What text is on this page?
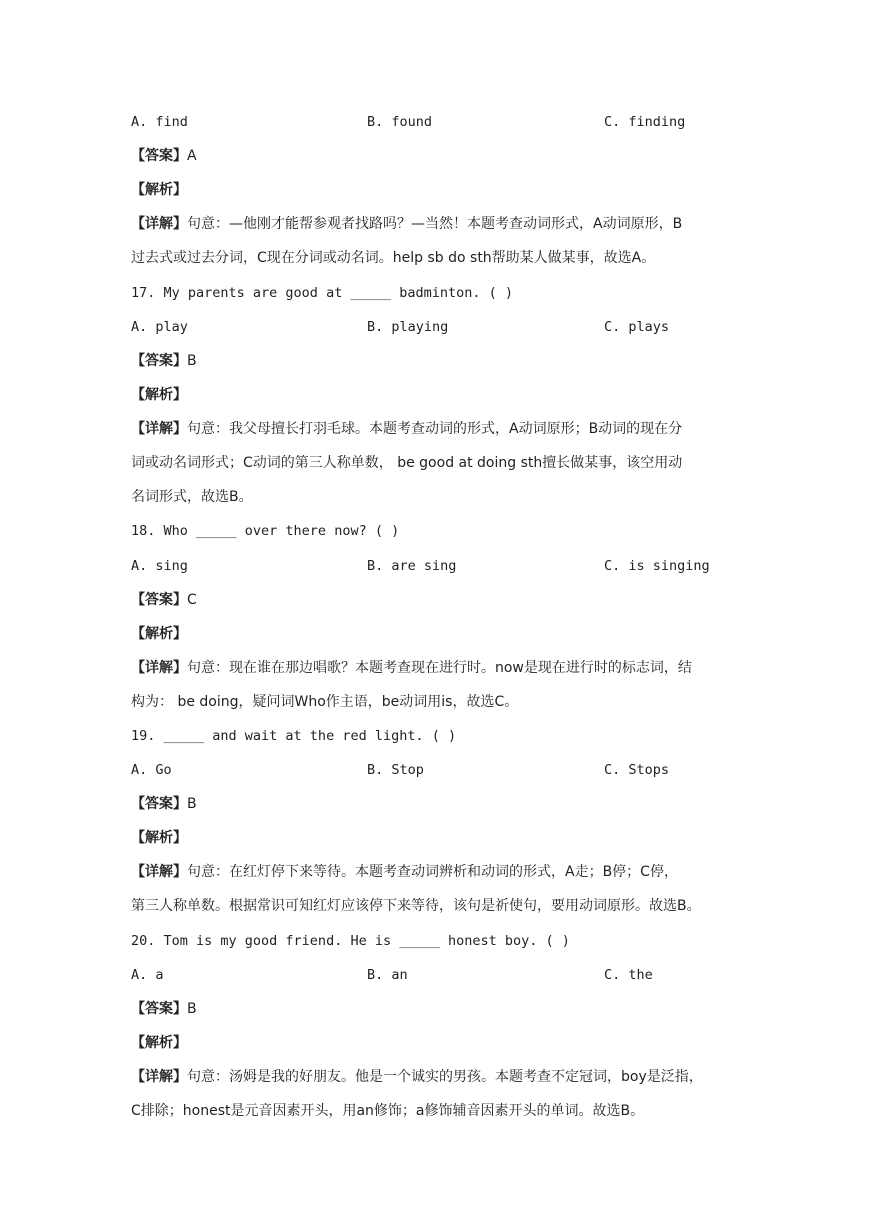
A. find	B. found	C. finding
【答案】A
【解析】
【详解】句意：—他刚才能帮参观者找路吗？—当然！本题考查动词形式，A动词原形，B
过去式或过去分词，C现在分词或动名词。help sb do sth帮助某人做某事，故选A。
17. My parents are good at _____ badminton. ( )
A. play	B. playing	C. plays
【答案】B
【解析】
【详解】句意：我父母擅长打羽毛球。本题考查动词的形式，A动词原形；B动词的现在分
词或动名词形式；C动词的第三人称单数， be good at doing sth擅长做某事，该空用动
名词形式，故选B。
18. Who _____ over there now? ( )
A. sing	B. are sing	C. is singing
【答案】C
【解析】
【详解】句意：现在谁在那边唱歌？本题考查现在进行时。now是现在进行时的标志词，结
构为： be doing，疑问词Who作主语，be动词用is，故选C。
19. _____ and wait at the red light. ( )
A. Go	B. Stop	C. Stops
【答案】B
【解析】
【详解】句意：在红灯停下来等待。本题考查动词辨析和动词的形式，A走；B停；C停，
第三人称单数。根据常识可知红灯应该停下来等待，该句是祈使句，要用动词原形。故选B。
20. Tom is my good friend. He is _____ honest boy. ( )
A. a	B. an	C. the
【答案】B
【解析】
【详解】句意：汤姆是我的好朋友。他是一个诚实的男孩。本题考查不定冠词，boy是泛指，
C排除；honest是元音因素开头，用an修饰；a修饰辅音因素开头的单词。故选B。
